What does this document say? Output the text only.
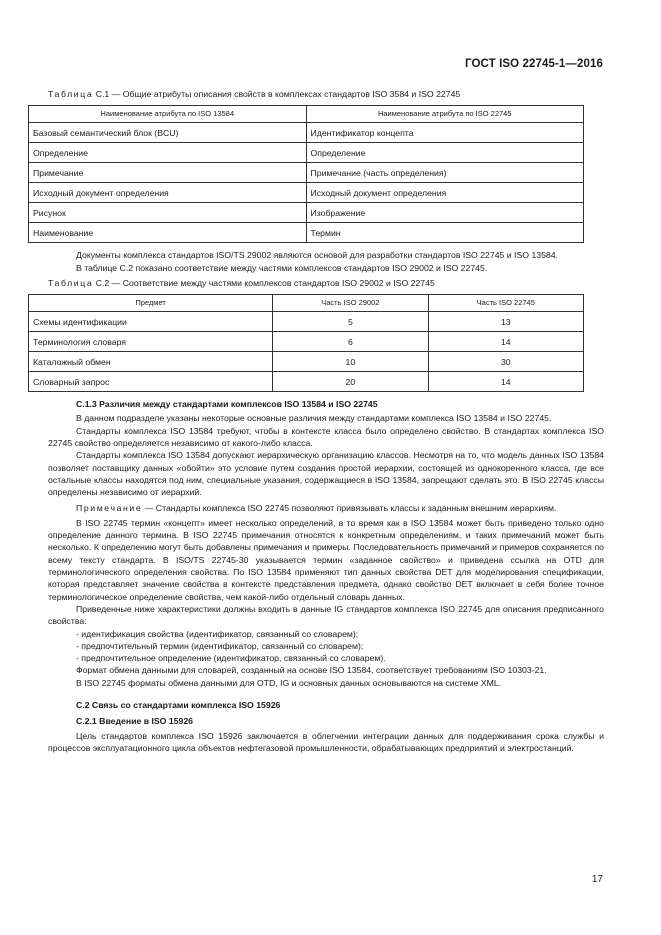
ГОСТ ISO 22745-1—2016

Таблица С.1 — Общие атрибуты описания свойств в комплексах стандартов ISO 3584 и ISO 22745

Наименование атрибута по ISO 13584	Наименование атрибута по ISO 22745
Базовый семантический блок (BCU)	Идентификатор концепта
Определение	Определение
Примечание	Примечание (часть определения)
Исходный документ определения	Исходный документ определения
Рисунок	Изображение
Наименование	Термин

Документы комплекса стандартов ISO/TS 29002 являются основой для разработки стандартов ISO 22745 и ISO 13584.

В таблице С.2 показано соответствие между частями комплексов стандартов ISO 29002 и ISO 22745.

Таблица С.2 — Соответствие между частями комплексов стандартов ISO 29002 и ISO 22745

Предмет	Часть ISO 29002	Часть ISO 22745
Схемы идентификации	5	13
Терминология словаря	6	14
Каталожный обмен	10	30
Словарный запрос	20	14
С.1.3 Различия между стандартами комплексов ISO 13584 и ISO 22745

В данном подразделе указаны некоторые основные различия между стандартами комплекса ISO 13584 и ISO 22745.

Стандарты комплекса ISO 13584 требуют, чтобы в контексте класса было определено свойство. В стандартах комплекса ISO 22745 свойство определяется независимо от какого-либо класса.

Стандарты комплекса ISO 13584 допускают иерархическую организацию классов. Несмотря на то, что модель данных ISO 13584 позволяет поставщику данных «обойти» это условие путем создания простой иерархии, состоящей из однокоренного класса, где все остальные классы находятся под ним, специальные указания, содержащиеся в ISO 13584, запрещают сделать это. В ISO 22745 классы определены независимо от иерархий.

Примечание — Стандарты комплекса ISO 22745 позволяют привязывать классы к заданным внешним иерархиям.

В ISO 22745 термин «концепт» имеет несколько определений, в то время как в ISO 13584 может быть приведено только одно определение данного термина. В ISO 22745 примечания относятся к конкретным определениям, и таких примечаний может быть несколько. К определению могут быть добавлены примечания и примеры. Последовательность примечаний и примеров сохраняется по всему тексту стандарта. В ISO/TS 22745-30 указывается термин «заданное свойство» и приведена ссылка на OTD для терминологического определения свойства. По ISO 13584 применяют тип данных свойства DET для моделирования спецификации, которая представляет значение свойства в контексте представления предмета, однако свойство DET включает в себя более точное терминологическое определение свойства, чем какой-либо отдельный словарь данных.

Приведенные ниже характеристики должны входить в данные IG стандартов комплекса ISO 22745 для описания предписанного свойства:

- идентификация свойства (идентификатор, связанный со словарем);
- предпочтительный термин (идентификатор, связанный со словарем);
- предпочтительное определение (идентификатор, связанный со словарем).

Формат обмена данными для словарей, созданный на основе ISO 13584, соответствует требованиям ISO 10303-21.

В ISO 22745 форматы обмена данными для OTD, IG и основных данных основываются на системе XML.

С.2 Связь со стандартами комплекса ISO 15926
С.2.1 Введение в ISO 15926

Цель стандартов комплекса ISO 15926 заключается в облегчении интеграции данных для поддерживания срока службы и процессов эксплуатационного цикла объектов нефтегазовой промышленности, обрабатывающих предприятий и электростанций.

17
